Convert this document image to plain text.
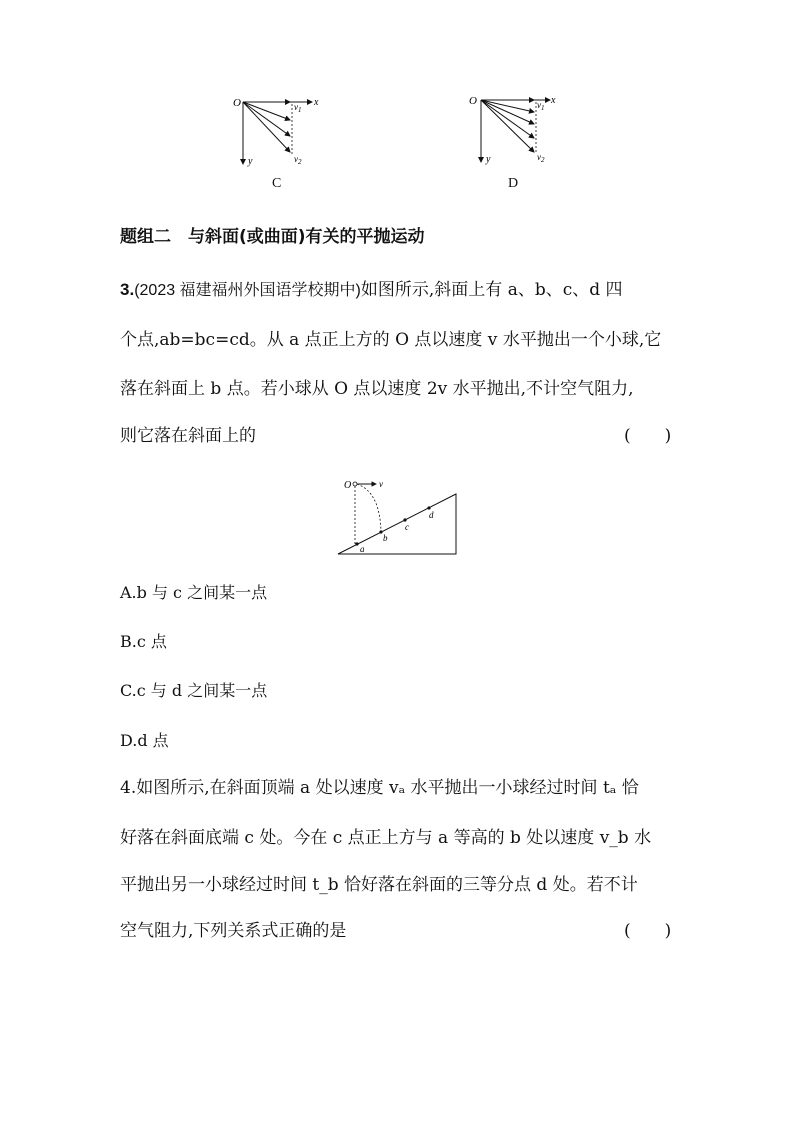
O	x
y
$v_1$
$v_2$
C
O	x
y
$v_1$
$v_2$
D
题组二　与斜面(或曲面)有关的平抛运动
3.(2023 福建福州外国语学校期中)如图所示,斜面上有 a、b、c、d 四
个点,ab=bc=cd。从 a 点正上方的 O 点以速度 v 水平抛出一个小球,它
落在斜面上 b 点。若小球从 O 点以速度 2v 水平抛出,不计空气阻力,
则它落在斜面上的	(　　)
O	v
a
b
c
d
A.b 与 c 之间某一点
B.c 点
C.c 与 d 之间某一点
D.d 点
4.如图所示,在斜面顶端 a 处以速度 vₐ 水平抛出一小球经过时间 tₐ 恰
好落在斜面底端 c 处。今在 c 点正上方与 a 等高的 b 处以速度 v_b 水
平抛出另一小球经过时间 t_b 恰好落在斜面的三等分点 d 处。若不计
空气阻力,下列关系式正确的是	(　　)
